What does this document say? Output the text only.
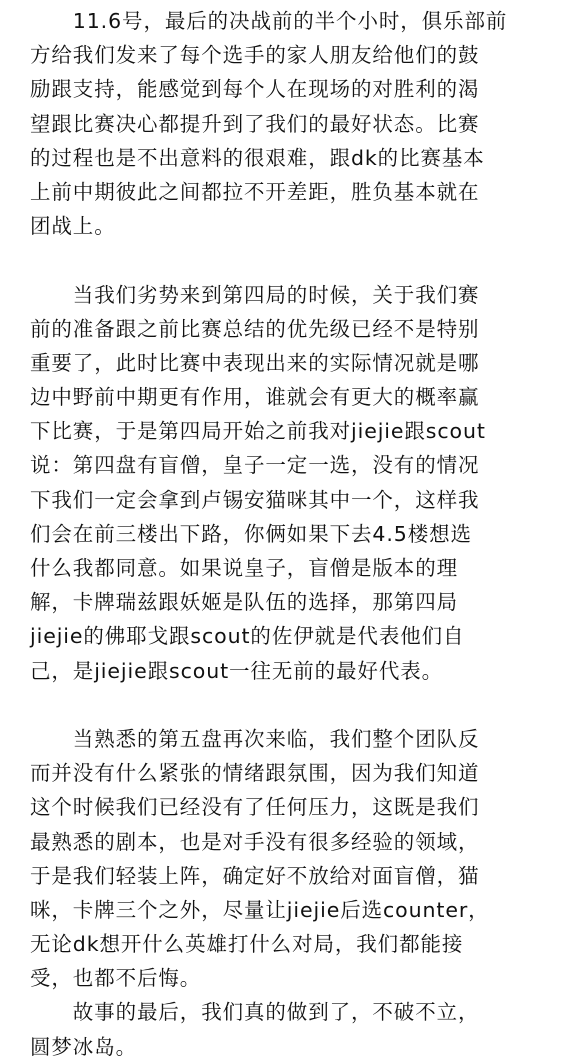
　　11.6号，最后的决战前的半个小时，俱乐部前
方给我们发来了每个选手的家人朋友给他们的鼓
励跟支持，能感觉到每个人在现场的对胜利的渴
望跟比赛决心都提升到了我们的最好状态。比赛
的过程也是不出意料的很艰难，跟dk的比赛基本
上前中期彼此之间都拉不开差距，胜负基本就在
团战上。
　　当我们劣势来到第四局的时候，关于我们赛
前的准备跟之前比赛总结的优先级已经不是特别
重要了，此时比赛中表现出来的实际情况就是哪
边中野前中期更有作用，谁就会有更大的概率赢
下比赛，于是第四局开始之前我对jiejie跟scout
说：第四盘有盲僧，皇子一定一选，没有的情况
下我们一定会拿到卢锡安猫咪其中一个，这样我
们会在前三楼出下路，你俩如果下去4.5楼想选
什么我都同意。如果说皇子，盲僧是版本的理
解，卡牌瑞兹跟妖姬是队伍的选择，那第四局
jiejie的佛耶戈跟scout的佐伊就是代表他们自
己，是jiejie跟scout一往无前的最好代表。
　　当熟悉的第五盘再次来临，我们整个团队反
而并没有什么紧张的情绪跟氛围，因为我们知道
这个时候我们已经没有了任何压力，这既是我们
最熟悉的剧本，也是对手没有很多经验的领域，
于是我们轻装上阵，确定好不放给对面盲僧，猫
咪，卡牌三个之外，尽量让jiejie后选counter，
无论dk想开什么英雄打什么对局，我们都能接
受，也都不后悔。
　　故事的最后，我们真的做到了，不破不立，
圆梦冰岛。
